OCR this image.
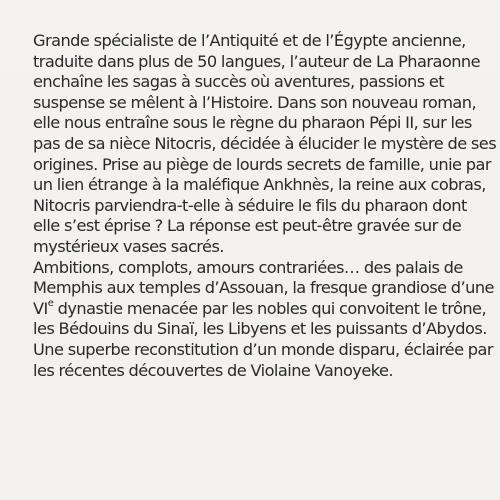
Grande spécialiste de l’Antiquité et de l’Égypte ancienne,
traduite dans plus de 50 langues, l’auteur de La Pharaonne
enchaîne les sagas à succès où aventures, passions et
suspense se mêlent à l’Histoire. Dans son nouveau roman,
elle nous entraîne sous le règne du pharaon Pépi II, sur les
pas de sa nièce Nitocris, décidée à élucider le mystère de ses
origines. Prise au piège de lourds secrets de famille, unie par
un lien étrange à la maléfique Ankhnès, la reine aux cobras,
Nitocris parviendra-t-elle à séduire le fils du pharaon dont
elle s’est éprise ? La réponse est peut-être gravée sur de
mystérieux vases sacrés.
Ambitions, complots, amours contrariées… des palais de
Memphis aux temples d’Assouan, la fresque grandiose d’une
VIe dynastie menacée par les nobles qui convoitent le trône,
les Bédouins du Sinaï, les Libyens et les puissants d’Abydos.
Une superbe reconstitution d’un monde disparu, éclairée par
les récentes découvertes de Violaine Vanoyeke.
